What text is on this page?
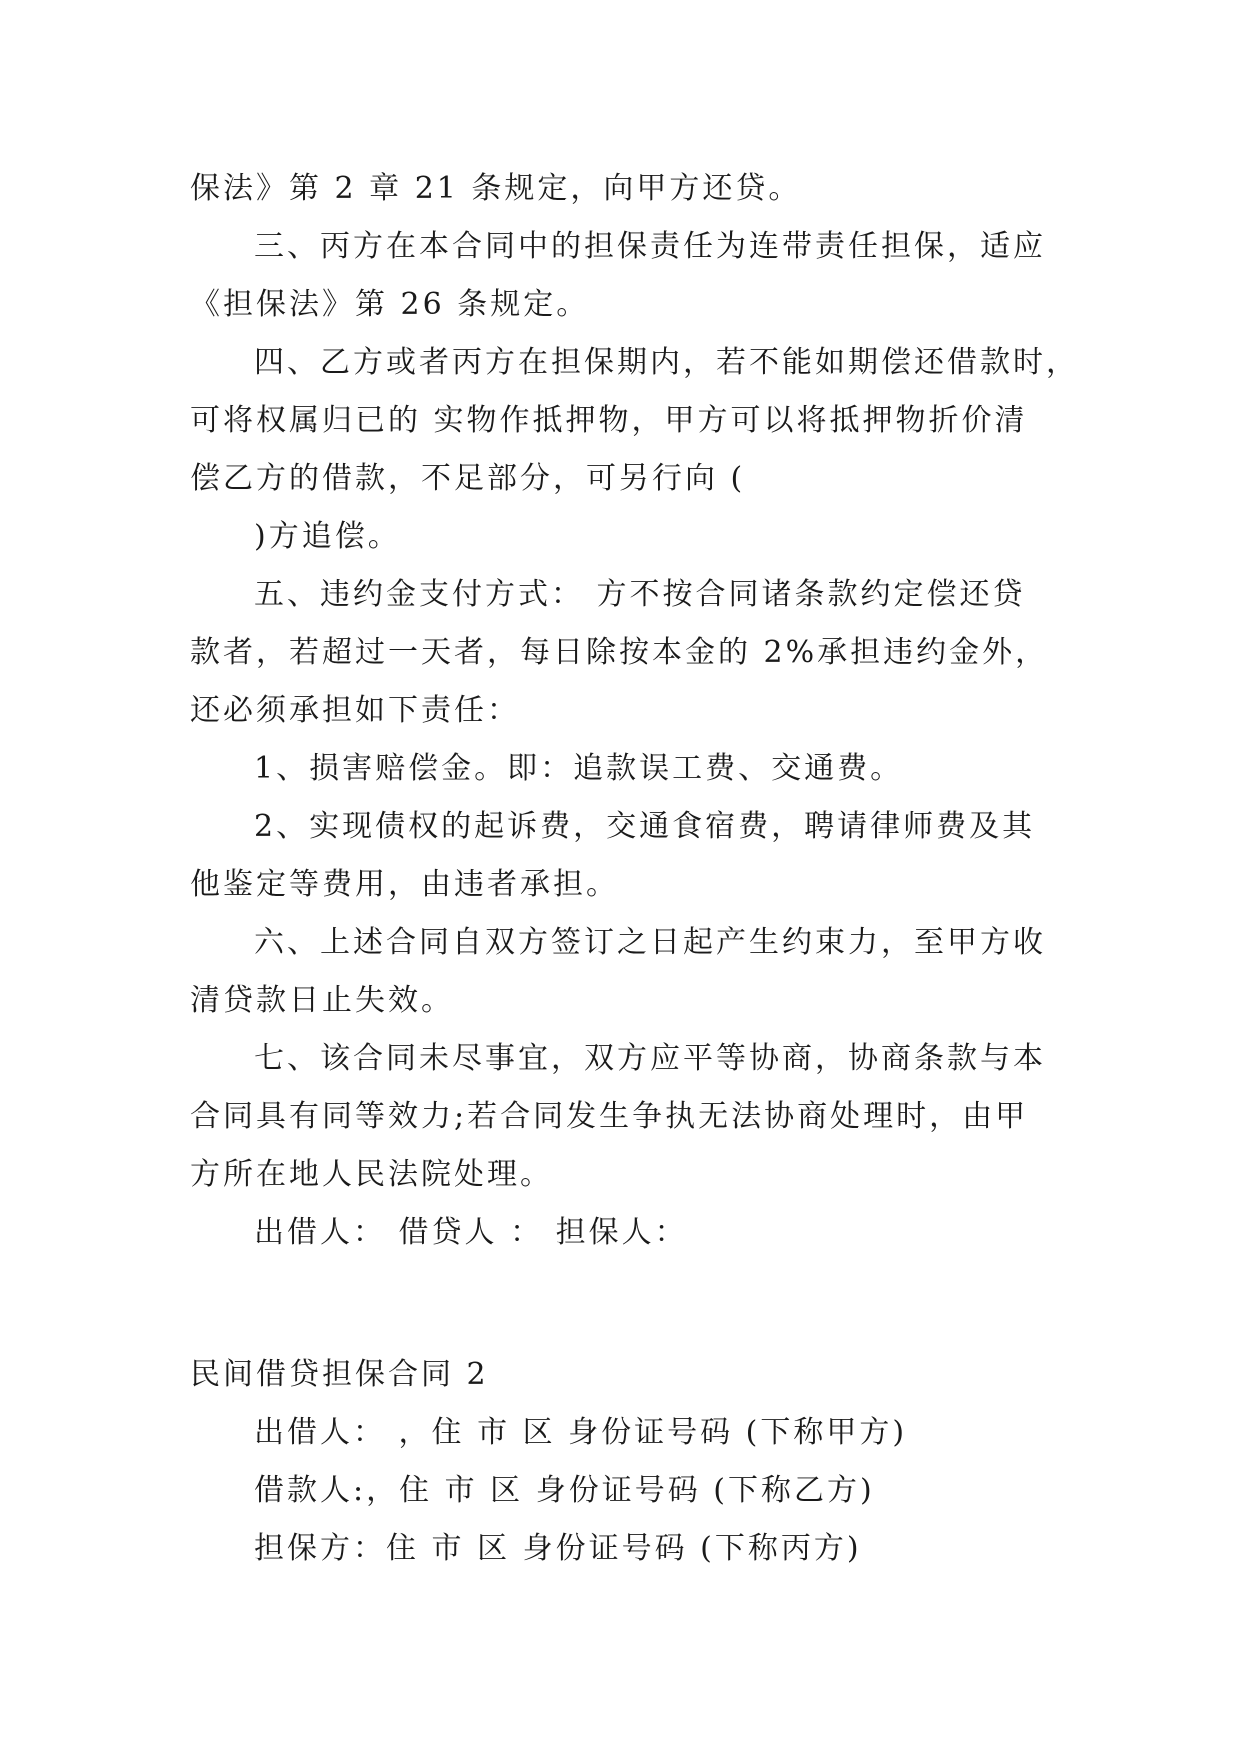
保法》第 2 章 21 条规定，向甲方还贷。
三、丙方在本合同中的担保责任为连带责任担保，适应
《担保法》第 26 条规定。
四、乙方或者丙方在担保期内，若不能如期偿还借款时，
可将权属归已的 实物作抵押物，甲方可以将抵押物折价清
偿乙方的借款，不足部分，可另行向 (
)方追偿。
五、违约金支付方式： 方不按合同诸条款约定偿还贷
款者，若超过一天者，每日除按本金的 2%承担违约金外，
还必须承担如下责任：
1、损害赔偿金。即：追款误工费、交通费。
2、实现债权的起诉费，交通食宿费，聘请律师费及其
他鉴定等费用，由违者承担。
六、上述合同自双方签订之日起产生约束力，至甲方收
清贷款日止失效。
七、该合同未尽事宜，双方应平等协商，协商条款与本
合同具有同等效力;若合同发生争执无法协商处理时，由甲
方所在地人民法院处理。
出借人： 借贷人 ： 担保人：
民间借贷担保合同 2
出借人： ，住 市 区 身份证号码 (下称甲方)
借款人:，住 市 区 身份证号码 (下称乙方)
担保方：住 市 区 身份证号码 (下称丙方)
